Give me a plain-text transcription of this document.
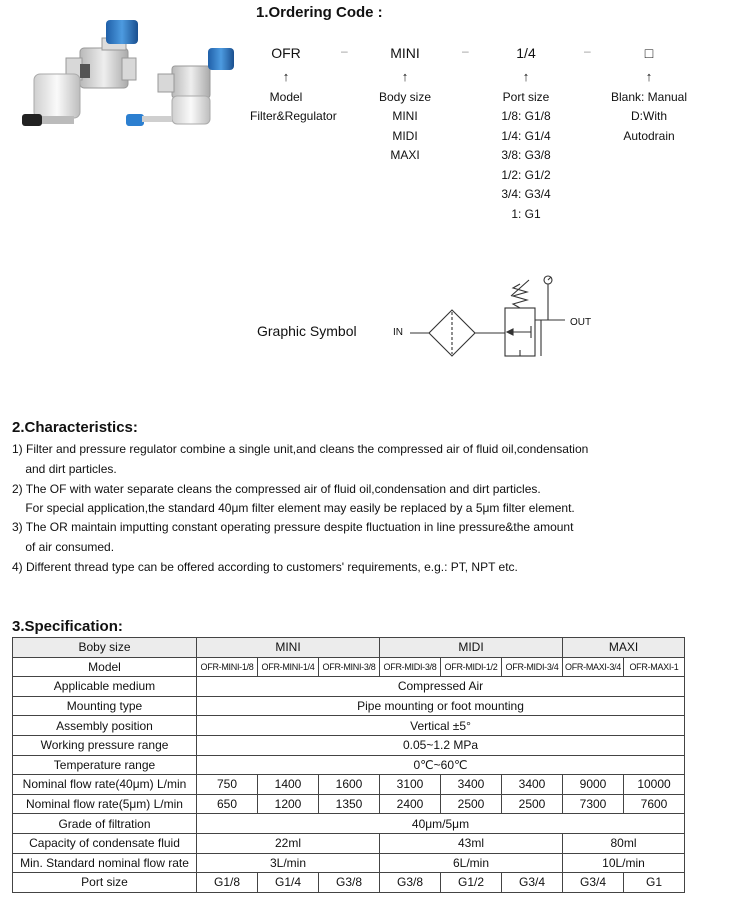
1.Ordering Code :
OFR
↑
Model
Filter&Regulator
–	MINI
↑
Body size
MINI
MIDI
MAXI
–	1/4
↑
Port size
1/8: G1/8
1/4: G1/4
3/8: G3/8
1/2: G1/2
3/4: G3/4
1: G1
–	□
↑
Blank: Manual
D:With Autodrain
Graphic Symbol	IN
OUT
2.Characteristics:
1) Filter and pressure regulator combine a single unit,and cleans the compressed air of fluid oil,condensation
and dirt particles.
2) The OF with water separate cleans the compressed air of fluid oil,condensation and dirt particles.
For special application,the standard 40μm filter element may easily be replaced by a 5μm filter element.
3) The OR maintain imputting constant operating pressure despite fluctuation in line pressure&the amount
of air consumed.
4) Different thread type can be offered according to customers' requirements, e.g.: PT, NPT etc.
3.Specification:
Boby size	MINI			MIDI			MAXI	
Model	OFR-MINI-1/8	OFR-MINI-1/4	OFR-MINI-3/8	OFR-MIDI-3/8	OFR-MIDI-1/2	OFR-MIDI-3/4	OFR-MAXI-3/4	OFR-MAXI-1
Applicable medium	Compressed Air							
Mounting type	Pipe mounting or foot mounting							
Assembly position	Vertical ±5°							
Working pressure range	0.05~1.2 MPa							
Temperature range	0℃~60℃							
Nominal flow rate(40μm) L/min	750	1400	1600	3100	3400	3400	9000	10000
Nominal flow rate(5μm) L/min	650	1200	1350	2400	2500	2500	7300	7600
Grade of filtration	40μm/5μm							
Capacity of condensate fluid	22ml			43ml			80ml	
Min. Standard nominal flow rate	3L/min			6L/min			10L/min	
Port size	G1/8	G1/4	G3/8	G3/8	G1/2	G3/4	G3/4	G1
